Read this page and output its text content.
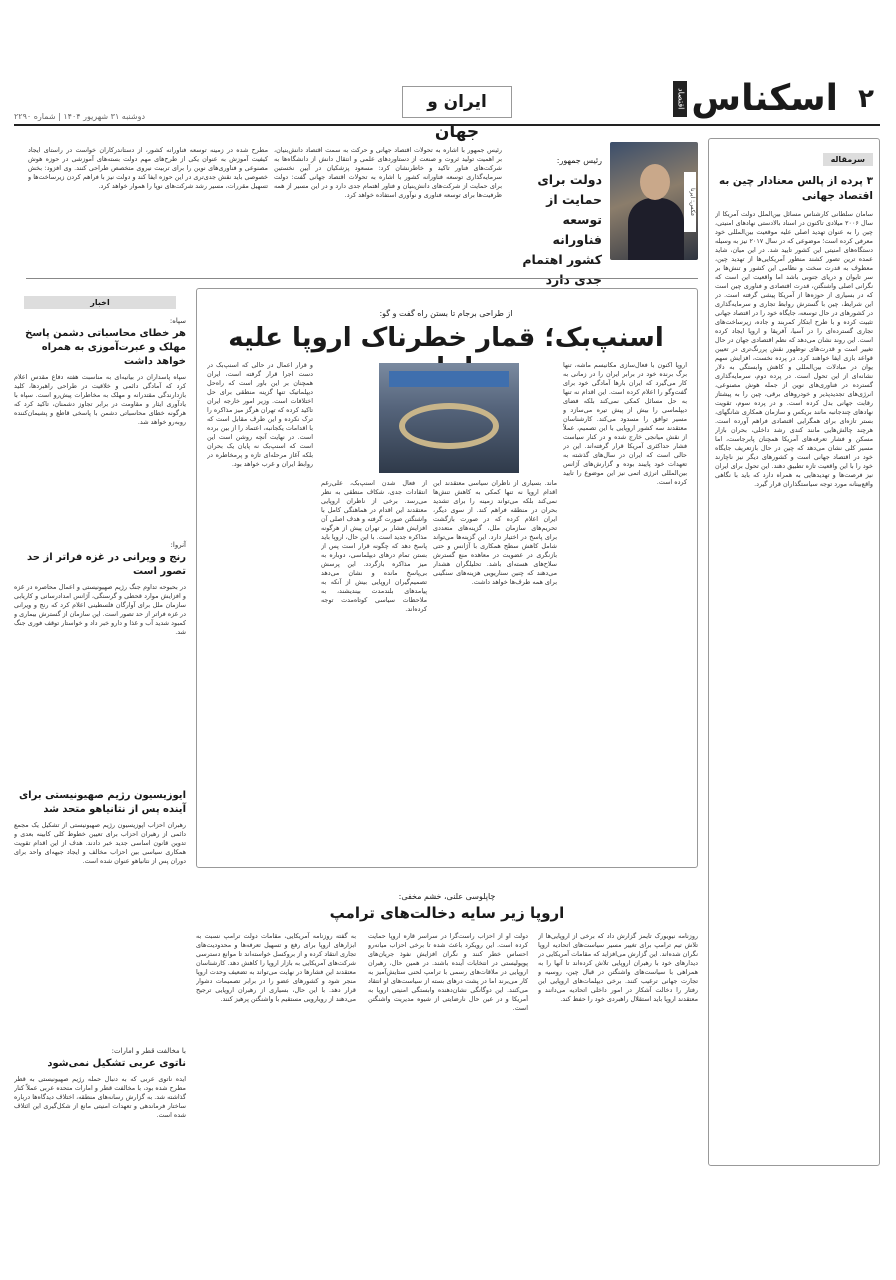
۲
اسکناس
اقتصاد سیاسی
ایران و جهان
دوشنبه ۳۱ شهریور ۱۴۰۴ | شماره ۲۲۹۰
سرمقاله
۳ پرده از پالس معنادار چین به اقتصاد جهانی
سامان سلطانی کارشناس مسائل بین‌الملل دولت آمریکا از سال ۲۰۰۶ میلادی تاکنون در اسناد بالادستی نهادهای امنیتی، چین را به عنوان تهدید اصلی علیه موقعیت بین‌المللی خود معرفی کرده است؛ موضوعی که در سال ۲۰۱۷ نیز به وسیله دستگاه‌های امنیتی این کشور تایید شد. در این میان، شاید عمده ترین تصور کشند منظور آمریکایی‌ها از تهدید چین، معطوف به قدرت سخت و نظامی این کشور و تنش‌ها بر سر تایوان و دریای جنوبی باشد اما واقعیت این است که نگرانی اصلی واشنگتن، قدرت اقتصادی و فناوری چین است که در بسیاری از حوزه‌ها از آمریکا پیشی گرفته است. در این شرایط، چین با گسترش روابط تجاری و سرمایه‌گذاری در کشورهای در حال توسعه، جایگاه خود را در اقتصاد جهانی تثبیت کرده و با طرح ابتکار کمربند و جاده، زیرساخت‌های تجاری گسترده‌ای را در آسیا، آفریقا و اروپا ایجاد کرده است. این روند نشان می‌دهد که نظم اقتصادی جهان در حال تغییر است و قدرت‌های نوظهور نقش پررنگ‌تری در تعیین قواعد بازی ایفا خواهند کرد. در پرده نخست، افزایش سهم یوان در مبادلات بین‌المللی و کاهش وابستگی به دلار نشانه‌ای از این تحول است. در پرده دوم، سرمایه‌گذاری گسترده در فناوری‌های نوین از جمله هوش مصنوعی، انرژی‌های تجدیدپذیر و خودروهای برقی، چین را به پیشتاز رقابت جهانی بدل کرده است. و در پرده سوم، تقویت نهادهای چندجانبه مانند بریکس و سازمان همکاری شانگهای، بستر تازه‌ای برای همگرایی اقتصادی فراهم آورده است. هرچند چالش‌هایی مانند کندی رشد داخلی، بحران بازار مسکن و فشار تعرفه‌های آمریکا همچنان پابرجاست، اما مسیر کلی نشان می‌دهد که چین در حال بازتعریف جایگاه خود در اقتصاد جهانی است و کشورهای دیگر نیز ناچارند خود را با این واقعیت تازه تطبیق دهند. این تحول برای ایران نیز فرصت‌ها و تهدیدهایی به همراه دارد که باید با نگاهی واقع‌بینانه مورد توجه سیاستگذاران قرار گیرد.
عکس: ایرنا
رئیس جمهور:
دولت برای حمایت از توسعه فناورانه کشور اهتمام جدی دارد
رئیس جمهور با اشاره به تحولات اقتصاد جهانی و حرکت به سمت اقتصاد دانش‌بنیان، بر اهمیت تولید ثروت و صنعت از دستاوردهای علمی و انتقال دانش از دانشگاه‌ها به شرکت‌های فناور تاکید و خاطرنشان کرد: مسعود پزشکیان در آیین نخستین سرمایه‌گذاری توسعه فناورانه کشور با اشاره به تحولات اقتصاد جهانی گفت: دولت برای حمایت از شرکت‌های دانش‌بنیان و فناور اهتمام جدی دارد و در این مسیر از همه ظرفیت‌ها برای توسعه فناوری و نوآوری استفاده خواهد کرد.
مطرح شده در زمینه توسعه فناورانه کشور، از دستاندرکاران خواست در راستای ایجاد کیفیت آموزش به عنوان یکی از طرح‌های مهم دولت بسته‌های آموزشی در حوزه هوش مصنوعی و فناوری‌های نوین را برای تربیت نیروی متخصص طراحی کنند. وی افزود: بخش خصوصی باید نقش جدی‌تری در این حوزه ایفا کند و دولت نیز با فراهم کردن زیرساخت‌ها و تسهیل مقررات، مسیر رشد شرکت‌های نوپا را هموار خواهد کرد.
اخبار
سپاه:
هر خطای محاسباتی دشمن پاسخ مهلک و عبرت‌آموزی به همراه خواهد داشت
سپاه پاسداران در بیانیه‌ای به مناسبت هفته دفاع مقدس اعلام کرد که آمادگی دائمی و خلاقیت در طراحی راهبردها، کلید بازدارندگی مقتدرانه و مهلک به مخاطرات پیش‌رو است. سپاه با یادآوری ایثار و مقاومت در برابر تجاوز دشمنان، تاکید کرد که هرگونه خطای محاسباتی دشمن با پاسخی قاطع و پشیمان‌کننده روبه‌رو خواهد شد.
آنروا:
رنج و ویرانی در غزه فراتر از حد تصور است
در بحبوحه تداوم جنگ رژیم صهیونیستی و اعمال محاصره در غزه و افزایش موارد قحطی و گرسنگی، آژانس امدادرسانی و کاریابی سازمان ملل برای آوارگان فلسطینی اعلام کرد که رنج و ویرانی در غزه فراتر از حد تصور است. این سازمان از گسترش بیماری و کمبود شدید آب و غذا و دارو خبر داد و خواستار توقف فوری جنگ شد.
ایوزیسیون رژیم صهیونیستی برای آینده پس از نتانیاهو متحد شد
رهبران احزاب اپوزیسیون رژیم صهیونیستی از تشکیل یک مجمع دائمی از رهبران احزاب برای تعیین خطوط کلی کابینه بعدی و تدوین قانون اساسی جدید خبر دادند. هدف از این اقدام تقویت همکاری سیاسی بین احزاب مخالف و ایجاد جبهه‌ای واحد برای دوران پس از نتانیاهو عنوان شده است.
با مخالفت قطر و امارات:
ناتوی عربی تشکیل نمی‌شود
ایده ناتوی عربی که به دنبال حمله رژیم صهیونیستی به قطر مطرح شده بود، با مخالفت قطر و امارات متحده عربی عملاً کنار گذاشته شد. به گزارش رسانه‌های منطقه، اختلاف دیدگاه‌ها درباره ساختار فرماندهی و تعهدات امنیتی مانع از شکل‌گیری این ائتلاف شده است.
از طراحی برجام تا بستن راه گفت و گو:
اسنپ‌بک؛ قمار خطرناک اروپا علیه
اروپا اکنون با فعال‌سازی مکانیسم ماشه، تنها برگ برنده خود در برابر ایران را در زمانی به کار می‌گیرد که ایران بارها آمادگی خود برای گفت‌وگو را اعلام کرده است. این اقدام نه تنها به حل مسائل کمکی نمی‌کند بلکه فضای دیپلماسی را بیش از پیش تیره می‌سازد و مسیر توافق را مسدود می‌کند. کارشناسان معتقدند سه کشور اروپایی با این تصمیم، عملاً از نقش میانجی خارج شده و در کنار سیاست فشار حداکثری آمریکا قرار گرفته‌اند. این در حالی است که ایران در سال‌های گذشته به تعهدات خود پایبند بوده و گزارش‌های آژانس بین‌المللی انرژی اتمی نیز این موضوع را تایید کرده است.
ماند. بسیاری از ناظران سیاسی معتقدند این اقدام اروپا نه تنها کمکی به کاهش تنش‌ها نمی‌کند بلکه می‌تواند زمینه را برای تشدید بحران در منطقه فراهم کند. از سوی دیگر، ایران اعلام کرده که در صورت بازگشت تحریم‌های سازمان ملل، گزینه‌های متعددی برای پاسخ در اختیار دارد. این گزینه‌ها می‌تواند شامل کاهش سطح همکاری با آژانس و حتی بازنگری در عضویت در معاهده منع گسترش سلاح‌های هسته‌ای باشد. تحلیلگران هشدار می‌دهند که چنین سناریویی هزینه‌های سنگینی برای همه طرف‌ها خواهد داشت.
از فعال شدن اسنپ‌بک، علی‌رغم انتقادات جدی، شکاف منطقی به نظر می‌رسد. برخی از ناظران اروپایی معتقدند این اقدام در هماهنگی کامل با واشنگتن صورت گرفته و هدف اصلی آن افزایش فشار بر تهران پیش از هرگونه مذاکره جدید است. با این حال، اروپا باید پاسخ دهد که چگونه قرار است پس از بستن تمام درهای دیپلماسی، دوباره به میز مذاکره بازگردد. این پرسش بی‌پاسخ مانده و نشان می‌دهد تصمیم‌گیران اروپایی بیش از آنکه به پیامدهای بلندمدت بیندیشند، به ملاحظات سیاسی کوتاه‌مدت توجه کرده‌اند.
و قرار اعمال در حالی که اسنپ‌بک در دست اجرا قرار گرفته است، ایران همچنان بر این باور است که راه‌حل دیپلماتیک تنها گزینه منطقی برای حل اختلافات است. وزیر امور خارجه ایران تاکید کرده که تهران هرگز میز مذاکره را ترک نکرده و این طرف مقابل است که با اقدامات یکجانبه، اعتماد را از بین برده است. در نهایت آنچه روشن است این است که اسنپ‌بک نه پایان یک بحران بلکه آغاز مرحله‌ای تازه و پرمخاطره در روابط ایران و غرب خواهد بود.
چاپلوسی علنی، خشم مخفی:
اروپا زیر سایه دخالت‌های ترامپ
روزنامه نیویورک تایمز گزارش داد که برخی از اروپایی‌ها از تلاش تیم ترامپ برای تغییر مسیر سیاست‌های اتحادیه اروپا نگران شده‌اند. این گزارش می‌افزاید که مقامات آمریکایی در دیدارهای خود با رهبران اروپایی تلاش کرده‌اند تا آنها را به همراهی با سیاست‌های واشنگتن در قبال چین، روسیه و تجارت جهانی ترغیب کنند. برخی دیپلمات‌های اروپایی این رفتار را دخالت آشکار در امور داخلی اتحادیه می‌دانند و معتقدند اروپا باید استقلال راهبردی خود را حفظ کند.
دولت او از احزاب راست‌گرا در سراسر قاره اروپا حمایت کرده است. این رویکرد باعث شده تا برخی احزاب میانه‌رو احساس خطر کنند و نگران افزایش نفوذ جریان‌های پوپولیستی در انتخابات آینده باشند. در همین حال، رهبران اروپایی در ملاقات‌های رسمی با ترامپ لحنی ستایش‌آمیز به کار می‌برند اما در پشت درهای بسته از سیاست‌های او انتقاد می‌کنند. این دوگانگی نشان‌دهنده وابستگی امنیتی اروپا به آمریکا و در عین حال نارضایتی از شیوه مدیریت واشنگتن است.
به گفته روزنامه آمریکایی، مقامات دولت ترامپ نسبت به ابزارهای اروپا برای رفع و تسهیل تعرفه‌ها و محدودیت‌های تجاری انتقاد کرده و از بروکسل خواسته‌اند تا موانع دسترسی شرکت‌های آمریکایی به بازار اروپا را کاهش دهد. کارشناسان معتقدند این فشارها در نهایت می‌تواند به تضعیف وحدت اروپا منجر شود و کشورهای عضو را در برابر تصمیمات دشوار قرار دهد. با این حال، بسیاری از رهبران اروپایی ترجیح می‌دهند از رویارویی مستقیم با واشنگتن پرهیز کنند.
